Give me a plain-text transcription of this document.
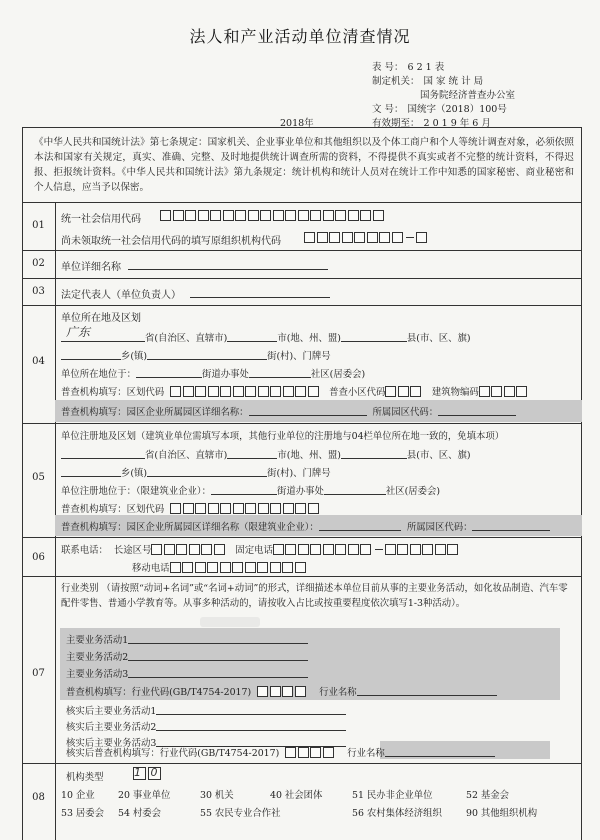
法人和产业活动单位清查情况
表 号： 6 2 1 表
制定机关： 国 家 统 计 局
国务院经济普查办公室
文 号： 国统字（2018）100号
有效期至： 2 0 1 9 年 6 月
2018年
《中华人民共和国统计法》第七条规定：国家机关、企业事业单位和其他组织以及个体工商户和个人等统计调查对象，必须依照本法和国家有关规定，真实、准确、完整、及时地提供统计调查所需的资料，不得提供不真实或者不完整的统计资料，不得迟报、拒报统计资料。《中华人民共和国统计法》第九条规定：统计机构和统计人员对在统计工作中知悉的国家秘密、商业秘密和个人信息，应当予以保密。
01
统一社会信用代码
尚未领取统一社会信用代码的填写原组织机构代码
02	单位详细名称
03	法定代表人（单位负责人）
04
单位所在地及区划
广东	省(自治区、直辖市)	市(地、州、盟)	县(市、区、旗)
乡(镇)	街(村)、门牌号
单位所在地位于：	街道办事处	社区(居委会)
普查机构填写：区划代码	普查小区代码	建筑物编码
普查机构填写：园区企业所属园区详细名称：	所属园区代码：
05
单位注册地及区划（建筑业单位需填写本项，其他行业单位的注册地与04栏单位所在地一致的，免填本项）
省(自治区、直辖市)	市(地、州、盟)	县(市、区、旗)
乡(镇)	街(村)、门牌号
单位注册地位于：（限建筑业企业）：	街道办事处	社区(居委会)
普查机构填写：区划代码
普查机构填写：园区企业所属园区详细名称（限建筑业企业）：	所属园区代码：
06
联系电话： 长途区号	固定电话
移动电话
07
行业类别 （请按照“动词+名词”或“名词+动词”的形式，详细描述本单位目前从事的主要业务活动，如化妆品制造、汽车零配件零售、普通小学教育等。从事多种活动的，请按收入占比或按重要程度依次填写1-3种活动）。
主要业务活动1
主要业务活动2
主要业务活动3
普查机构填写：行业代码(GB/T4754-2017)	行业名称
核实后主要业务活动1
核实后主要业务活动2
核实后主要业务活动3
核实后普查机构填写：行业代码(GB/T4754-2017)	行业名称
08
机构类型	1 0
10 企业 20 事业单位	30 机关	40 社会团体	51 民办非企业单位	52 基金会
53 居委会 54 村委会	55 农民专业合作社	56 农村集体经济组织	90 其他组织机构
